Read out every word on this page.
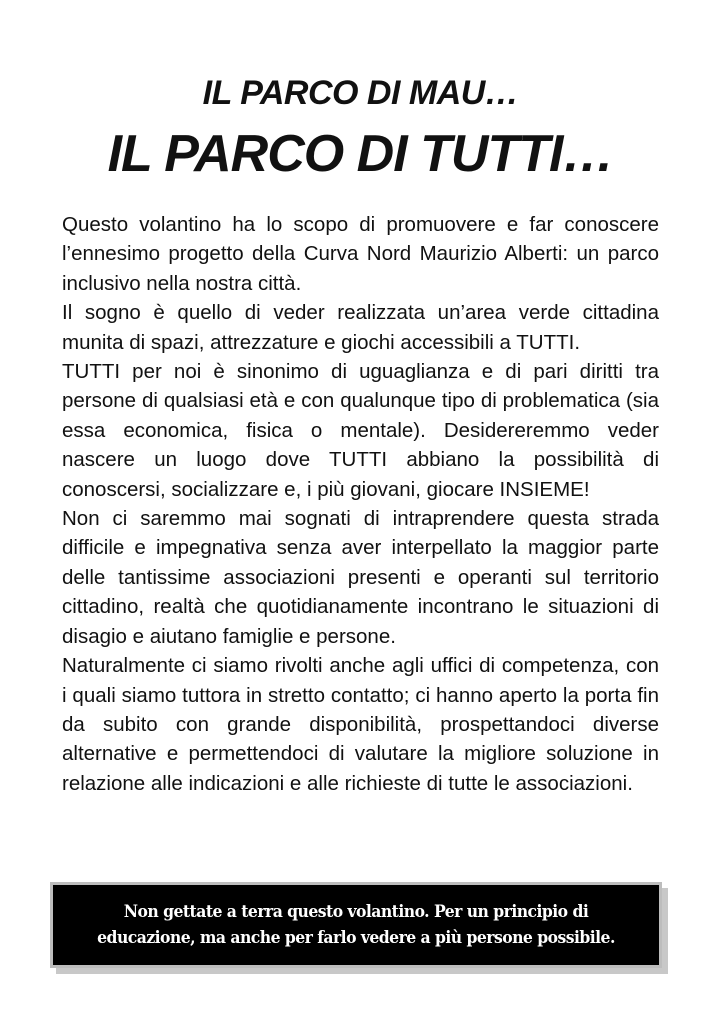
IL PARCO DI MAU…
IL PARCO DI TUTTI…

Questo volantino ha lo scopo di promuovere e far conoscere l’ennesimo progetto della Curva Nord Maurizio Alberti: un parco inclusivo nella nostra città.

Il sogno è quello di veder realizzata un’area verde cittadina munita di spazi, attrezzature e giochi accessibili a TUTTI.

TUTTI per noi è sinonimo di uguaglianza e di pari diritti tra persone di qualsiasi età e con qualunque tipo di problematica (sia essa economica, fisica o mentale). Desidereremmo veder nascere un luogo dove TUTTI abbiano la possibilità di conoscersi, socializzare e, i più giovani, giocare INSIEME!

Non ci saremmo mai sognati di intraprendere questa strada difficile e impegnativa senza aver interpellato la maggior parte delle tantissime associazioni presenti e operanti sul territorio cittadino, realtà che quotidianamente incontrano le situazioni di disagio e aiutano famiglie e persone.

Naturalmente ci siamo rivolti anche agli uffici di competenza, con i quali siamo tuttora in stretto contatto; ci hanno aperto la porta fin da subito con grande disponibilità, prospettandoci diverse alternative e permettendoci di valutare la migliore soluzione in relazione alle indicazioni e alle richieste di tutte le associazioni.

Non gettate a terra questo volantino. Per un principio di educazione, ma anche per farlo vedere a più persone possibile.
